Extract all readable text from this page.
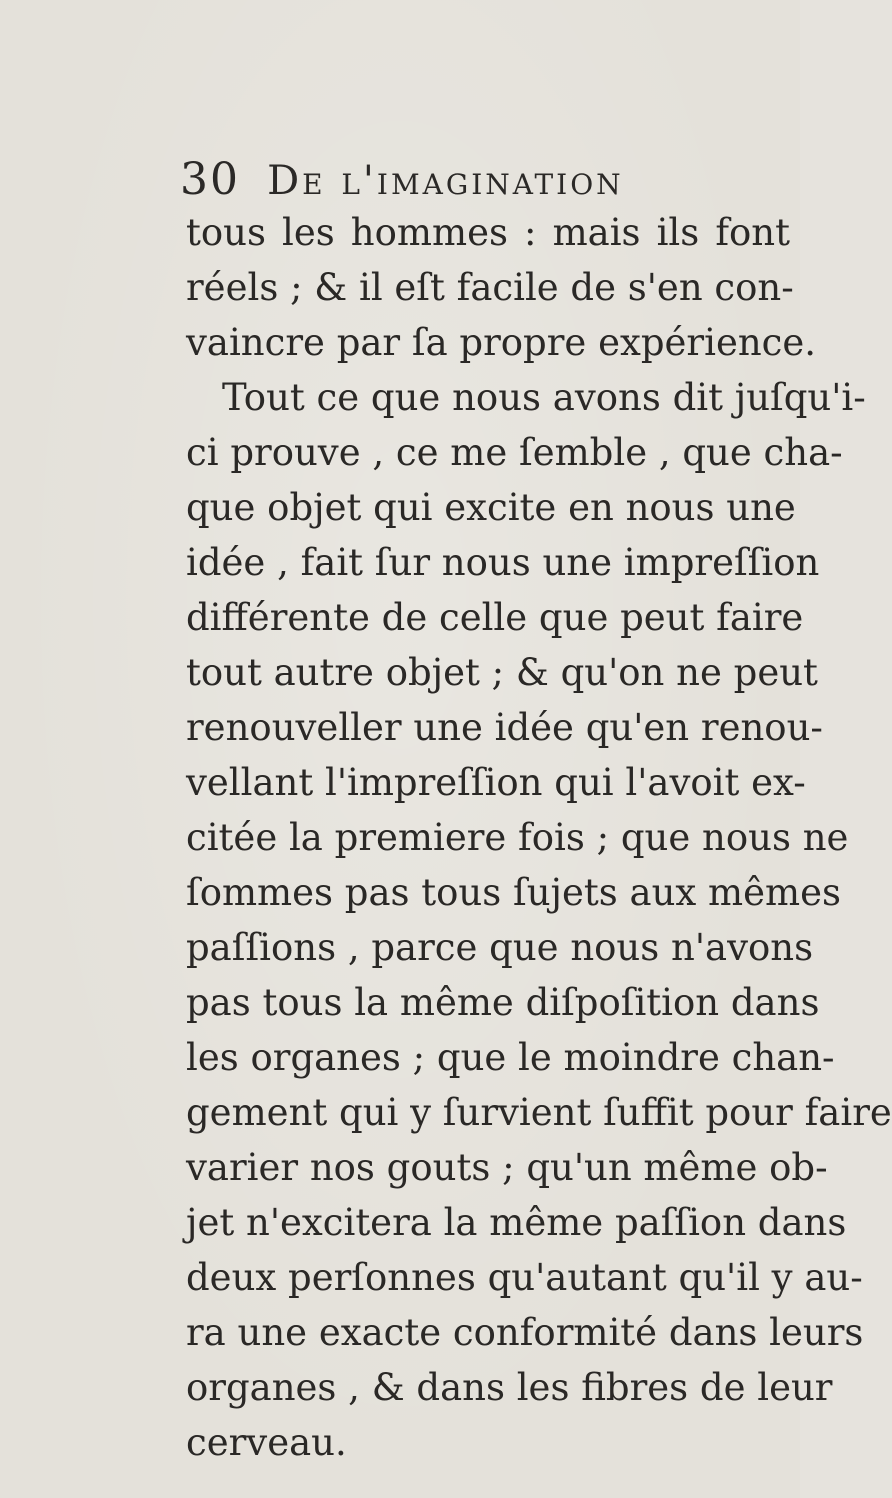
30 De l'imagination
tous les hommes : mais ils font
réels ; & il eſt facile de s'en con-
vaincre par ſa propre expérience.
Tout ce que nous avons dit juſqu'i-
ci prouve , ce me ſemble , que cha-
que objet qui excite en nous une
idée , fait ſur nous une impreſſion
différente de celle que peut faire
tout autre objet ; & qu'on ne peut
renouveller une idée qu'en renou-
vellant l'impreſſion qui l'avoit ex-
citée la premiere fois ; que nous ne
ſommes pas tous ſujets aux mêmes
paſſions , parce que nous n'avons
pas tous la même diſpoſition dans
les organes ; que le moindre chan-
gement qui y ſurvient ſuffit pour faire
varier nos gouts ; qu'un même ob-
jet n'excitera la même paſſion dans
deux perſonnes qu'autant qu'il y au-
ra une exacte conformité dans leurs
organes , & dans les fibres de leur
cerveau.
